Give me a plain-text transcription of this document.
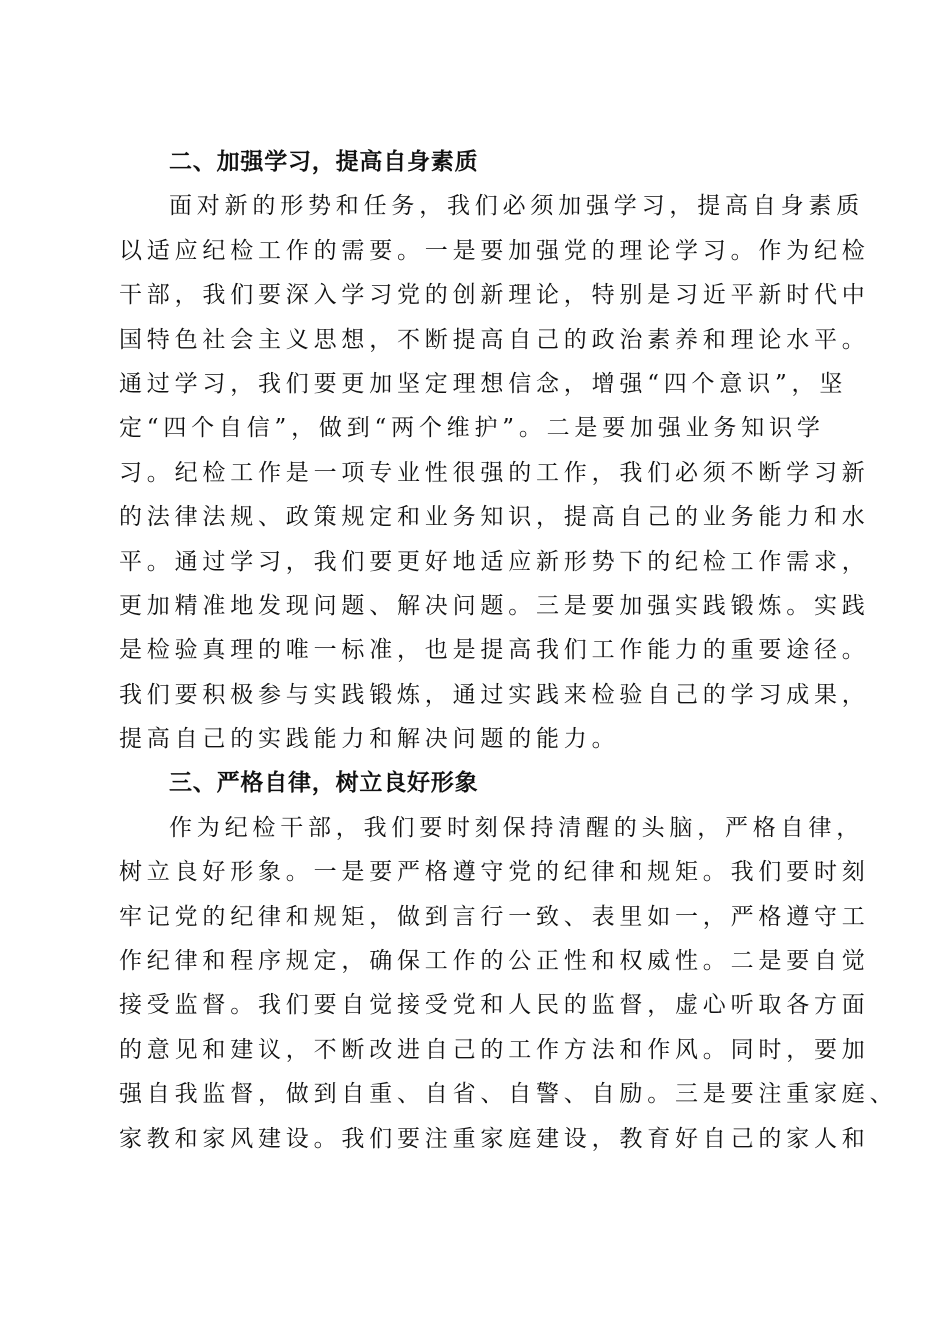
二、加强学习，提高自身素质
面对新的形势和任务，我们必须加强学习，提高自身素质
以适应纪检工作的需要。一是要加强党的理论学习。作为纪检
干部，我们要深入学习党的创新理论，特别是习近平新时代中
国特色社会主义思想，不断提高自己的政治素养和理论水平。
通过学习，我们要更加坚定理想信念，增强“四个意识”，坚
定“四个自信”，做到“两个维护”。二是要加强业务知识学
习。纪检工作是一项专业性很强的工作，我们必须不断学习新
的法律法规、政策规定和业务知识，提高自己的业务能力和水
平。通过学习，我们要更好地适应新形势下的纪检工作需求，
更加精准地发现问题、解决问题。三是要加强实践锻炼。实践
是检验真理的唯一标准，也是提高我们工作能力的重要途径。
我们要积极参与实践锻炼，通过实践来检验自己的学习成果，
提高自己的实践能力和解决问题的能力。
三、严格自律，树立良好形象
作为纪检干部，我们要时刻保持清醒的头脑，严格自律，
树立良好形象。一是要严格遵守党的纪律和规矩。我们要时刻
牢记党的纪律和规矩，做到言行一致、表里如一，严格遵守工
作纪律和程序规定，确保工作的公正性和权威性。二是要自觉
接受监督。我们要自觉接受党和人民的监督，虚心听取各方面
的意见和建议，不断改进自己的工作方法和作风。同时，要加
强自我监督，做到自重、自省、自警、自励。三是要注重家庭、
家教和家风建设。我们要注重家庭建设，教育好自己的家人和
